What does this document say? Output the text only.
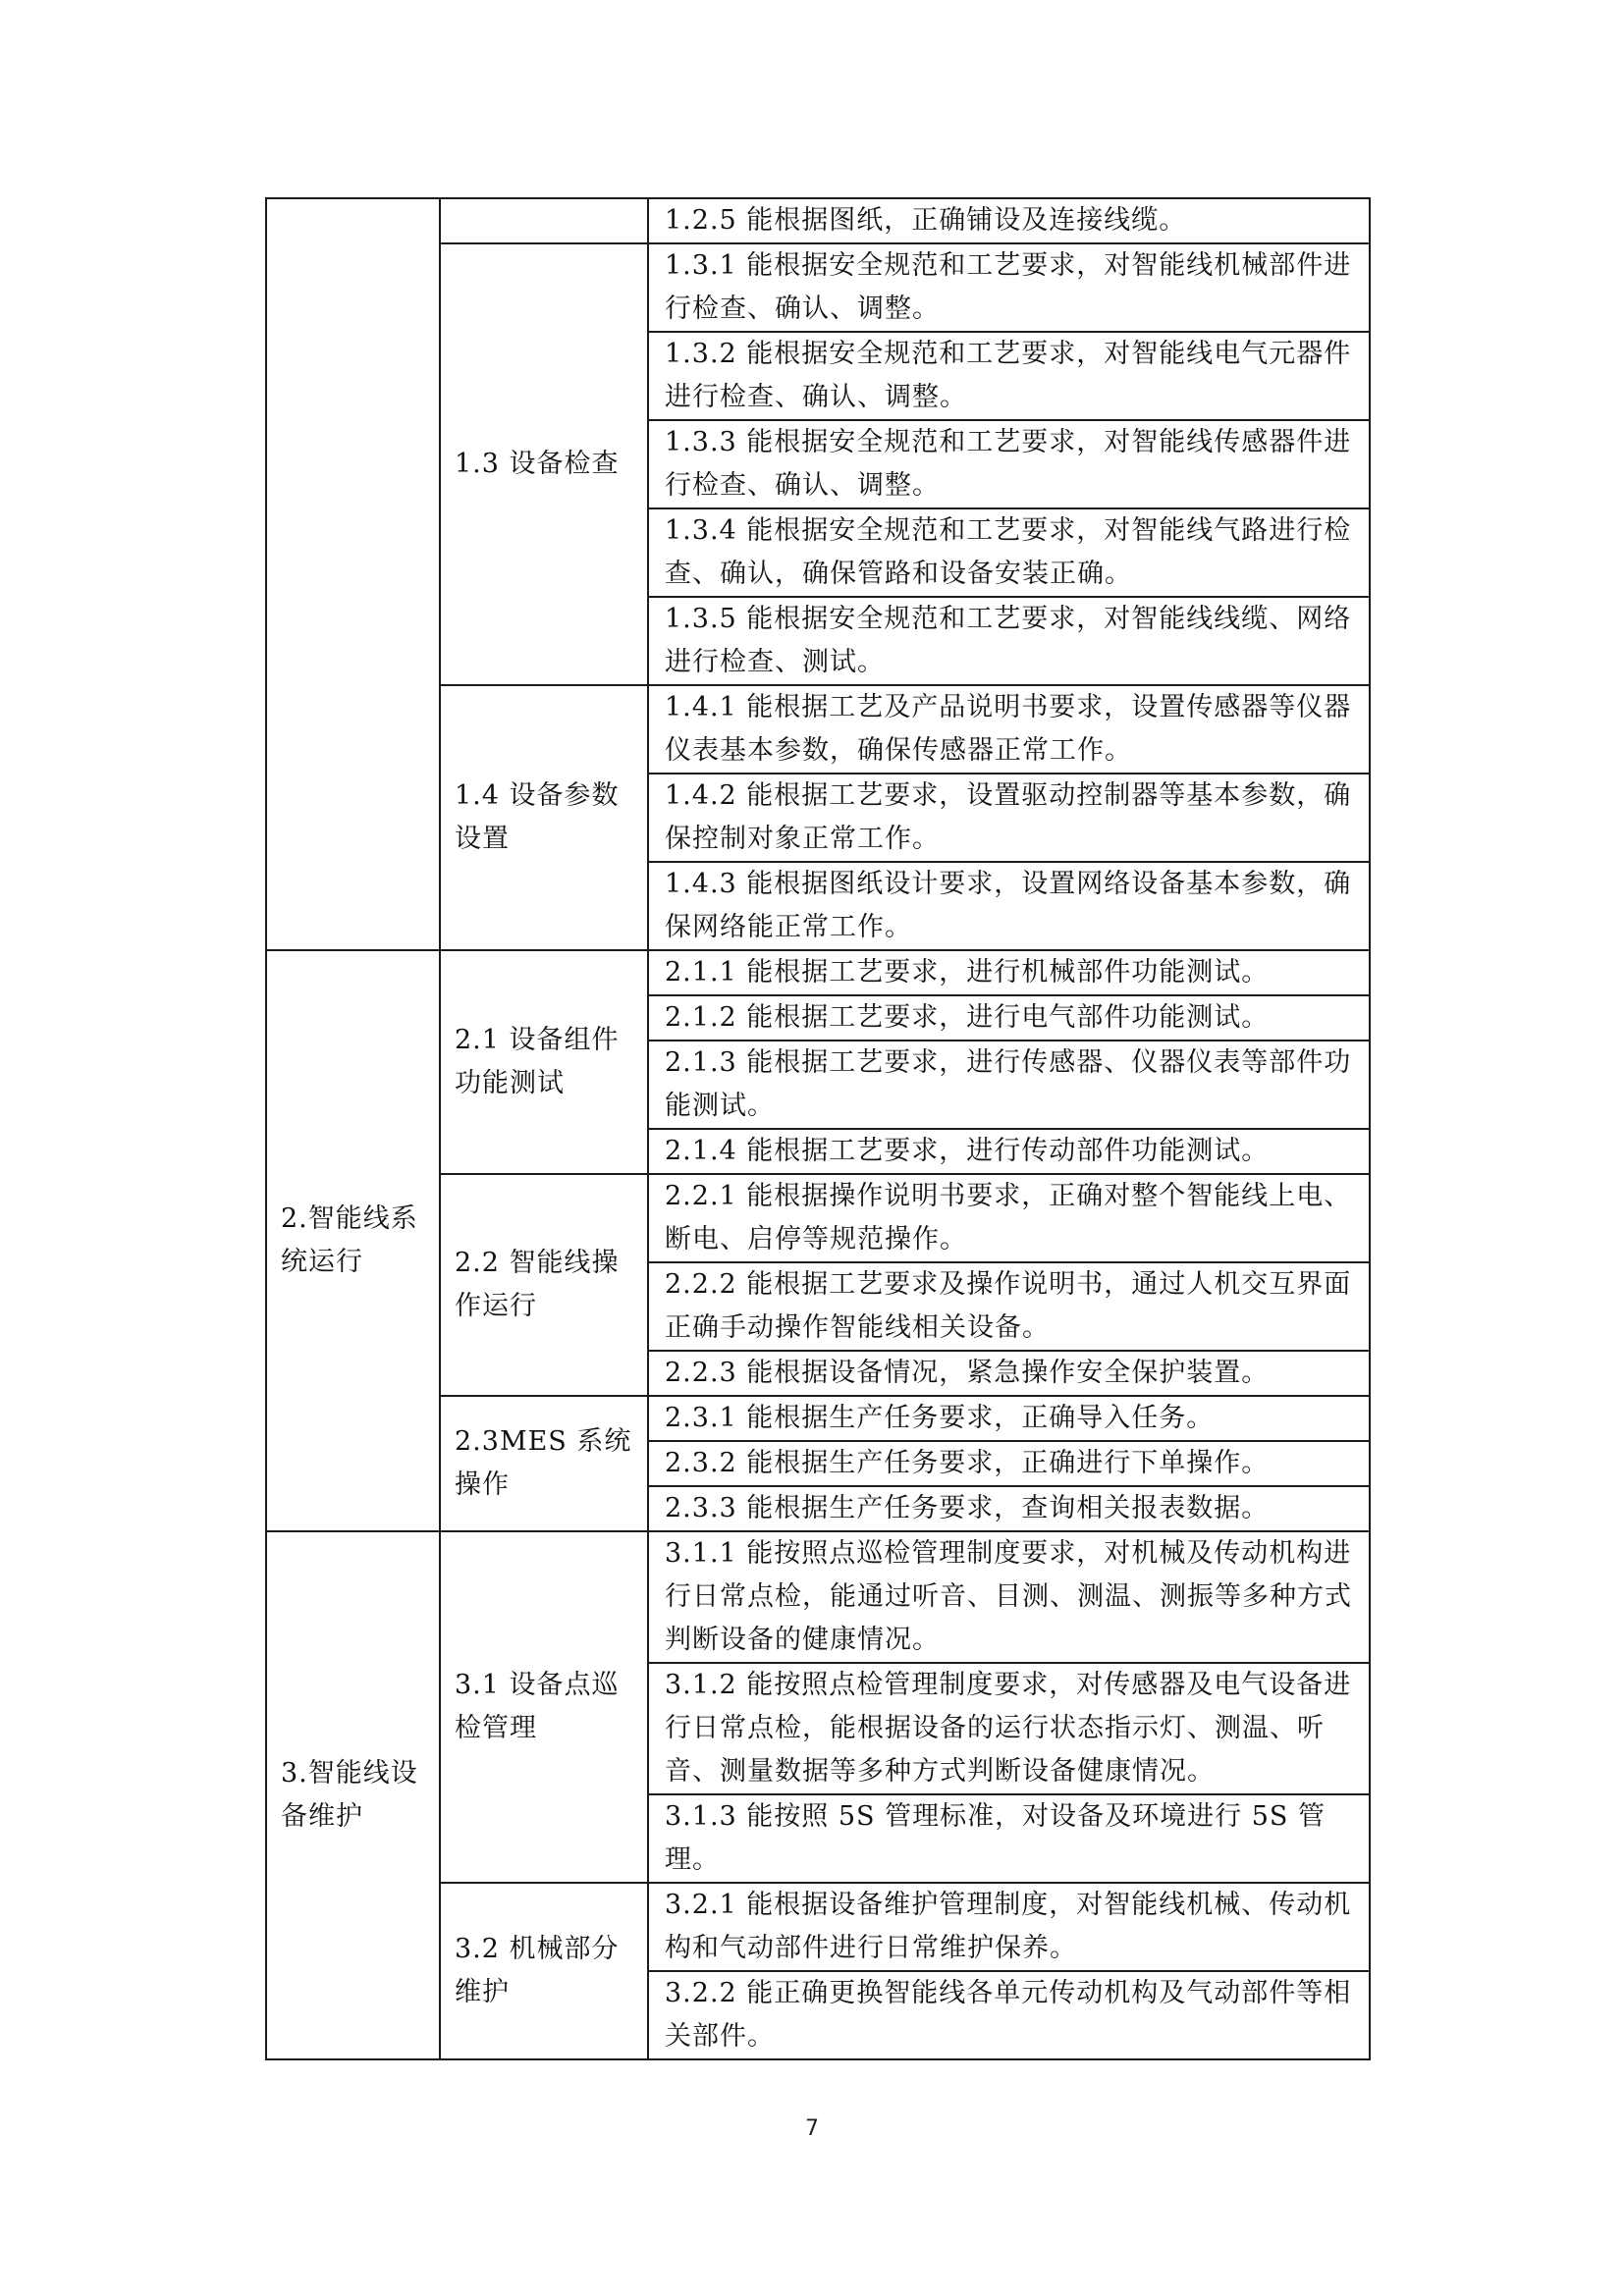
		1.2.5 能根据图纸，正确铺设及连接线缆。
	1.3 设备检查	1.3.1 能根据安全规范和工艺要求，对智能线机械部件进行检查、确认、调整。
		1.3.2 能根据安全规范和工艺要求，对智能线电气元器件进行检查、确认、调整。
		1.3.3 能根据安全规范和工艺要求，对智能线传感器件进行检查、确认、调整。
		1.3.4 能根据安全规范和工艺要求，对智能线气路进行检查、确认，确保管路和设备安装正确。
		1.3.5 能根据安全规范和工艺要求，对智能线线缆、网络进行检查、测试。
	1.4 设备参数设置	1.4.1 能根据工艺及产品说明书要求，设置传感器等仪器仪表基本参数，确保传感器正常工作。
		1.4.2 能根据工艺要求，设置驱动控制器等基本参数，确保控制对象正常工作。
		1.4.3 能根据图纸设计要求，设置网络设备基本参数，确保网络能正常工作。
2.智能线系统运行	2.1 设备组件功能测试	2.1.1 能根据工艺要求，进行机械部件功能测试。
		2.1.2 能根据工艺要求，进行电气部件功能测试。
		2.1.3 能根据工艺要求，进行传感器、仪器仪表等部件功能测试。
		2.1.4 能根据工艺要求，进行传动部件功能测试。
	2.2 智能线操作运行	2.2.1 能根据操作说明书要求，正确对整个智能线上电、断电、启停等规范操作。
		2.2.2 能根据工艺要求及操作说明书，通过人机交互界面正确手动操作智能线相关设备。
		2.2.3 能根据设备情况，紧急操作安全保护装置。
	2.3MES 系统操作	2.3.1 能根据生产任务要求，正确导入任务。
		2.3.2 能根据生产任务要求，正确进行下单操作。
		2.3.3 能根据生产任务要求，查询相关报表数据。
3.智能线设备维护	3.1 设备点巡检管理	3.1.1 能按照点巡检管理制度要求，对机械及传动机构进行日常点检，能通过听音、目测、测温、测振等多种方式判断设备的健康情况。
		3.1.2 能按照点检管理制度要求，对传感器及电气设备进行日常点检，能根据设备的运行状态指示灯、测温、听音、测量数据等多种方式判断设备健康情况。
		3.1.3 能按照 5S 管理标准，对设备及环境进行 5S 管理。
	3.2 机械部分维护	3.2.1 能根据设备维护管理制度，对智能线机械、传动机构和气动部件进行日常维护保养。
		3.2.2 能正确更换智能线各单元传动机构及气动部件等相关部件。
7
